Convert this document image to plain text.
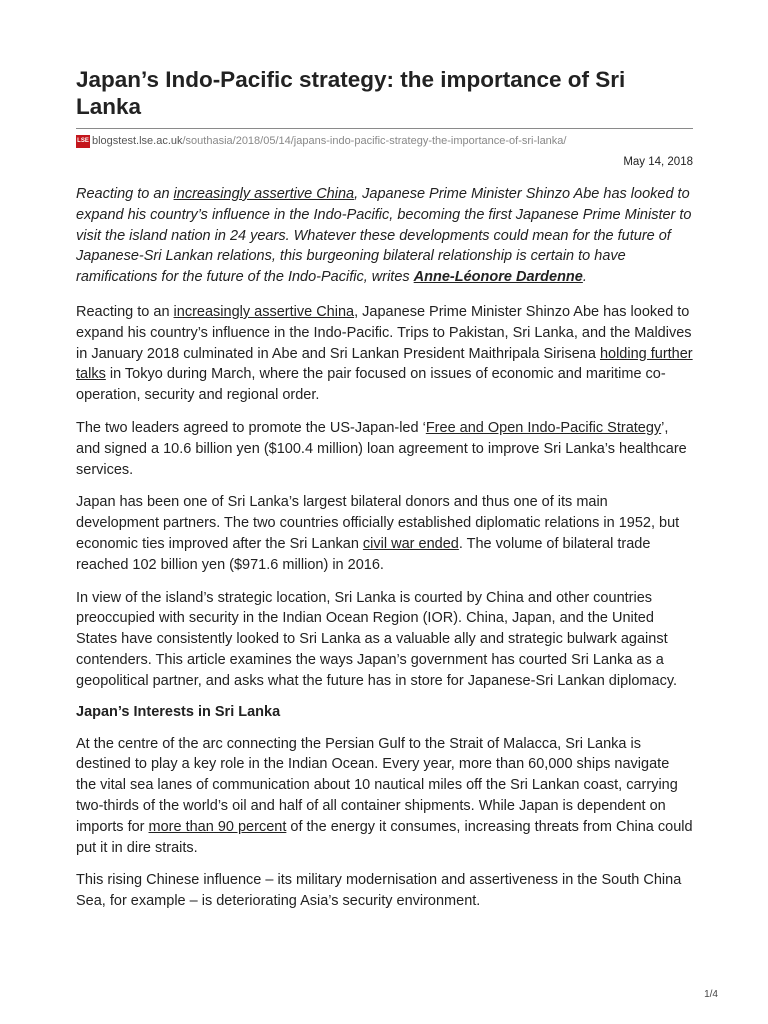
Japan’s Indo-Pacific strategy: the importance of Sri Lanka
LSE blogstest.lse.ac.uk/southasia/2018/05/14/japans-indo-pacific-strategy-the-importance-of-sri-lanka/
May 14, 2018

Reacting to an increasingly assertive China, Japanese Prime Minister Shinzo Abe has looked to expand his country’s influence in the Indo-Pacific, becoming the first Japanese Prime Minister to visit the island nation in 24 years. Whatever these developments could mean for the future of Japanese-Sri Lankan relations, this burgeoning bilateral relationship is certain to have ramifications for the future of the Indo-Pacific, writes Anne-Léonore Dardenne.

Reacting to an increasingly assertive China, Japanese Prime Minister Shinzo Abe has looked to expand his country’s influence in the Indo-Pacific. Trips to Pakistan, Sri Lanka, and the Maldives in January 2018 culminated in Abe and Sri Lankan President Maithripala Sirisena holding further talks in Tokyo during March, where the pair focused on issues of economic and maritime co-operation, security and regional order.

The two leaders agreed to promote the US-Japan-led ‘Free and Open Indo-Pacific Strategy’, and signed a 10.6 billion yen ($100.4 million) loan agreement to improve Sri Lanka’s healthcare services.

Japan has been one of Sri Lanka’s largest bilateral donors and thus one of its main development partners. The two countries officially established diplomatic relations in 1952, but economic ties improved after the Sri Lankan civil war ended. The volume of bilateral trade reached 102 billion yen ($971.6 million) in 2016.

In view of the island’s strategic location, Sri Lanka is courted by China and other countries preoccupied with security in the Indian Ocean Region (IOR). China, Japan, and the United States have consistently looked to Sri Lanka as a valuable ally and strategic bulwark against contenders. This article examines the ways Japan’s government has courted Sri Lanka as a geopolitical partner, and asks what the future has in store for Japanese-Sri Lankan diplomacy.

Japan’s Interests in Sri Lanka

At the centre of the arc connecting the Persian Gulf to the Strait of Malacca, Sri Lanka is destined to play a key role in the Indian Ocean. Every year, more than 60,000 ships navigate the vital sea lanes of communication about 10 nautical miles off the Sri Lankan coast, carrying two-thirds of the world’s oil and half of all container shipments. While Japan is dependent on imports for more than 90 percent of the energy it consumes, increasing threats from China could put it in dire straits.

This rising Chinese influence – its military modernisation and assertiveness in the South China Sea, for example – is deteriorating Asia’s security environment.

1/4
